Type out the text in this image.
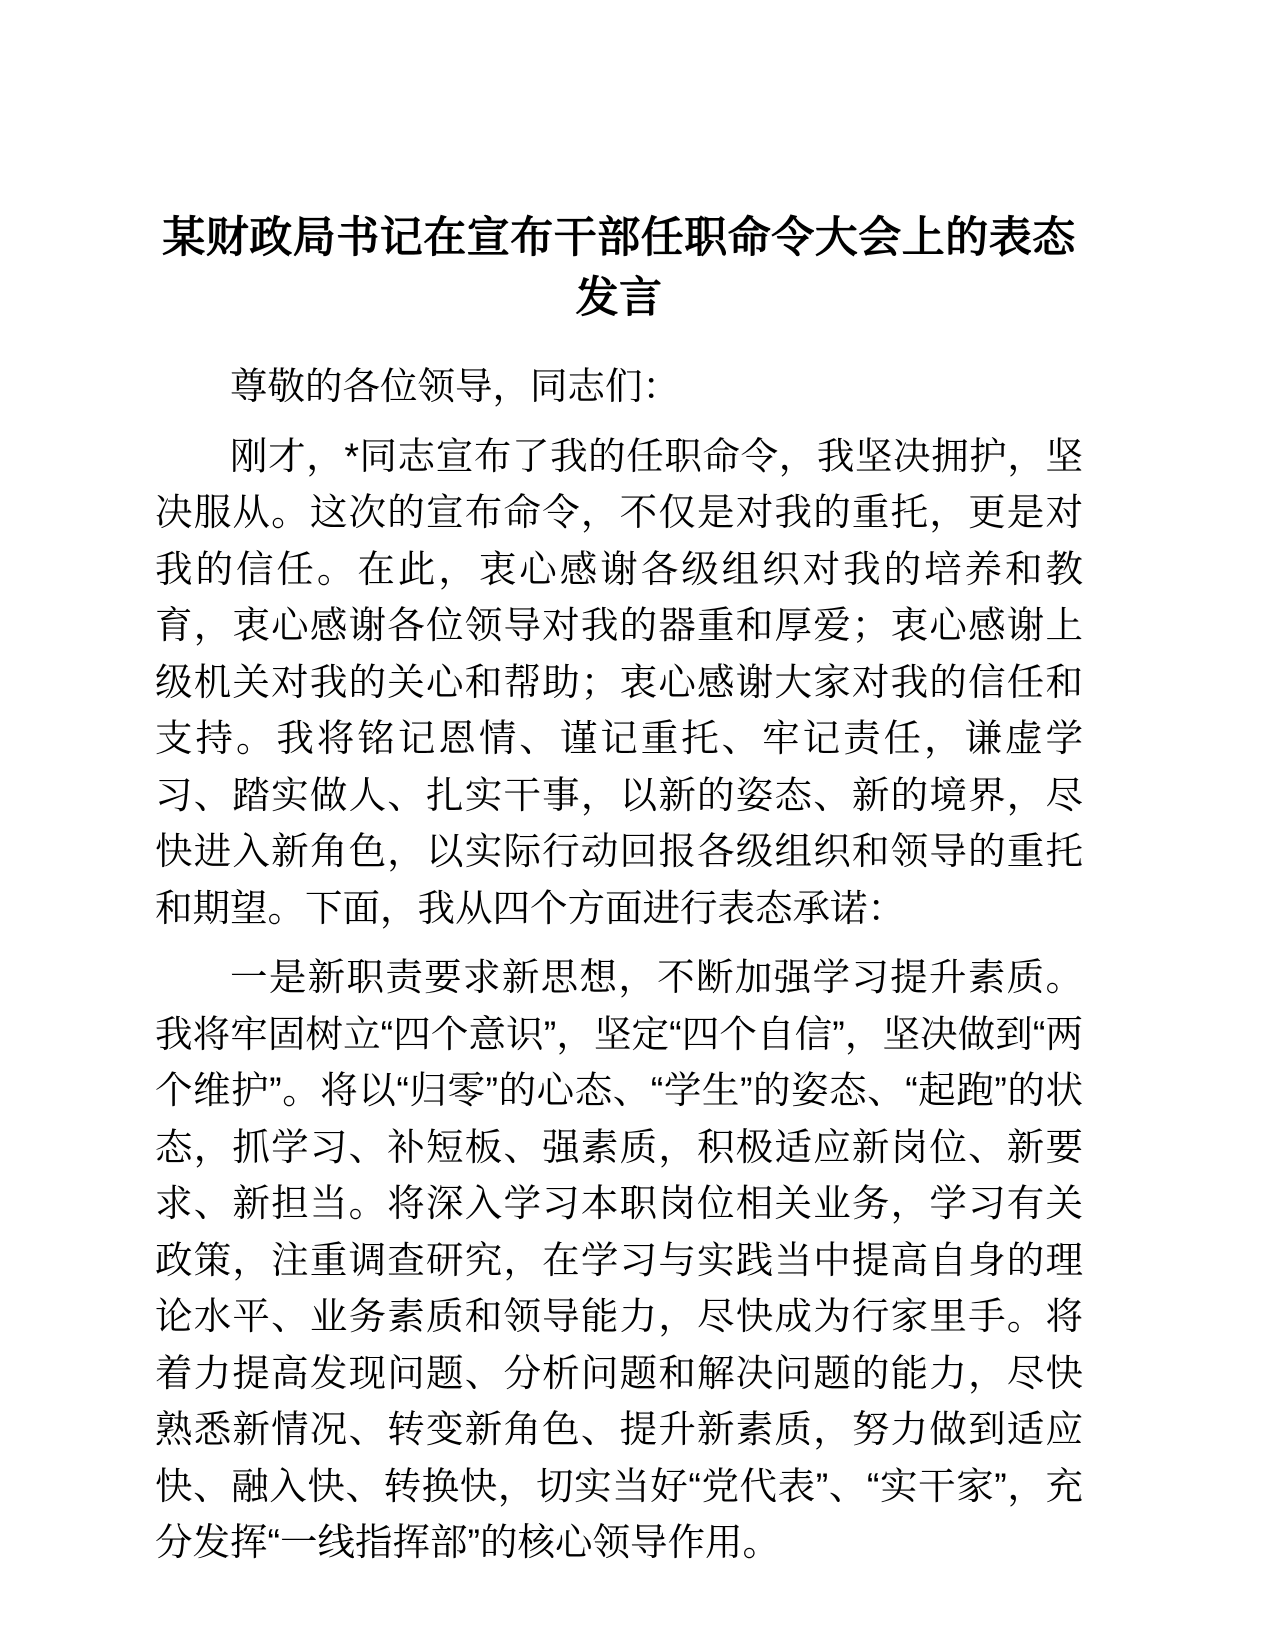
某财政局书记在宣布干部任职命令大会上的表态发言

尊敬的各位领导，同志们：

刚才，*同志宣布了我的任职命令，我坚决拥护，坚决服从。这次的宣布命令，不仅是对我的重托，更是对我的信任。在此，衷心感谢各级组织对我的培养和教育，衷心感谢各位领导对我的器重和厚爱；衷心感谢上级机关对我的关心和帮助；衷心感谢大家对我的信任和支持。我将铭记恩情、谨记重托、牢记责任，谦虚学习、踏实做人、扎实干事，以新的姿态、新的境界，尽快进入新角色，以实际行动回报各级组织和领导的重托和期望。下面，我从四个方面进行表态承诺：

一是新职责要求新思想，不断加强学习提升素质。我将牢固树立“四个意识”，坚定“四个自信”，坚决做到“两个维护”。将以“归零”的心态、“学生”的姿态、“起跑”的状态，抓学习、补短板、强素质，积极适应新岗位、新要求、新担当。将深入学习本职岗位相关业务，学习有关政策，注重调查研究，在学习与实践当中提高自身的理论水平、业务素质和领导能力，尽快成为行家里手。将着力提高发现问题、分析问题和解决问题的能力，尽快熟悉新情况、转变新角色、提升新素质，努力做到适应快、融入快、转换快，切实当好“党代表”、“实干家”，充分发挥“一线指挥部”的核心领导作用。
